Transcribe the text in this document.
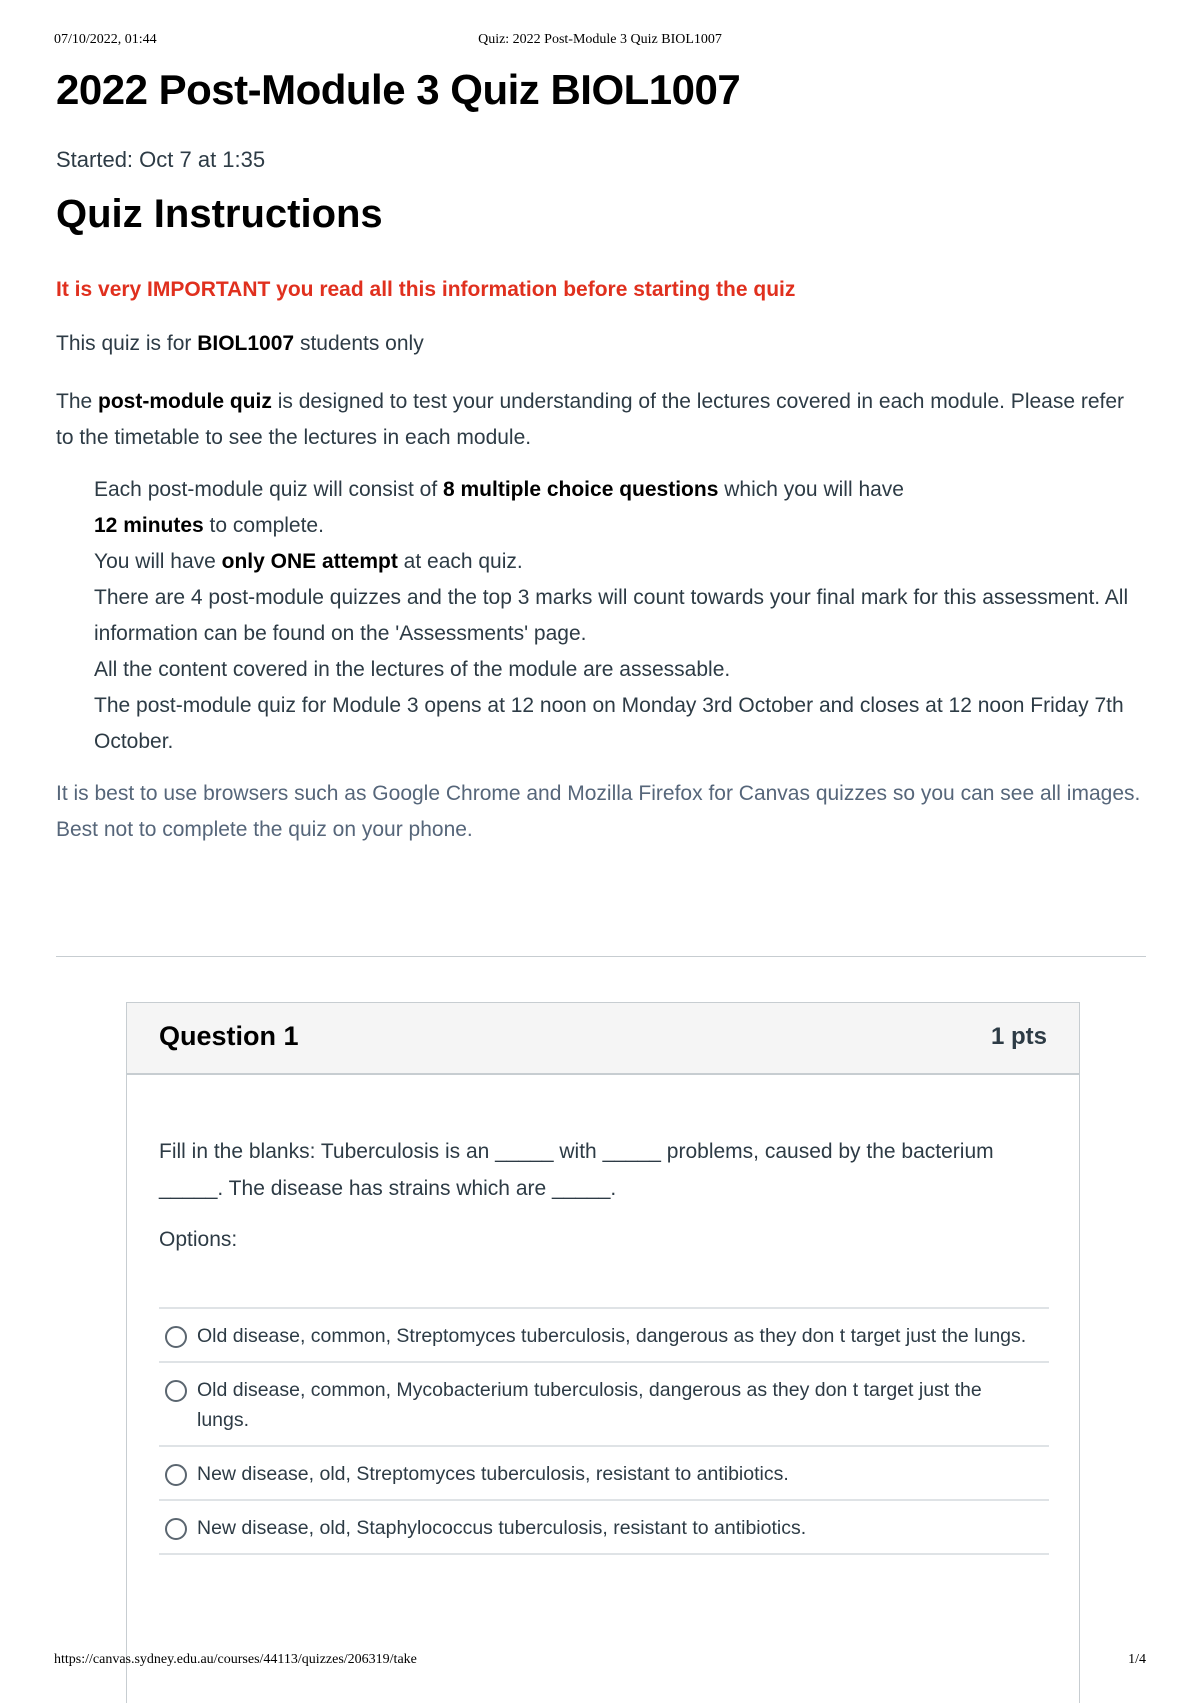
07/10/2022, 01:44	Quiz: 2022 Post-Module 3 Quiz BIOL1007
2022 Post-Module 3 Quiz BIOL1007
Started: Oct 7 at 1:35
Quiz Instructions
It is very IMPORTANT you read all this information before starting the quiz

This quiz is for BIOL1007 students only

The post-module quiz is designed to test your understanding of the lectures covered in each module. Please refer to the timetable to see the lectures in each module.

Each post-module quiz will consist of 8 multiple choice questions which you will have
12 minutes to complete.
You will have only ONE attempt at each quiz.
There are 4 post-module quizzes and the top 3 marks will count towards your final mark for this assessment. All information can be found on the 'Assessments' page.
All the content covered in the lectures of the module are assessable.
The post-module quiz for Module 3 opens at 12 noon on Monday 3rd October and closes at 12 noon Friday 7th October.

It is best to use browsers such as Google Chrome and Mozilla Firefox for Canvas quizzes so you can see all images. Best not to complete the quiz on your phone.

Question 1	1 pts

Fill in the blanks: Tuberculosis is an _____ with _____ problems, caused by the bacterium _____. The disease has strains which are _____.

Options:

Old disease, common, Streptomyces tuberculosis, dangerous as they don t target just the lungs.
Old disease, common, Mycobacterium tuberculosis, dangerous as they don t target just the lungs.
New disease, old, Streptomyces tuberculosis, resistant to antibiotics.
New disease, old, Staphylococcus tuberculosis, resistant to antibiotics.
https://canvas.sydney.edu.au/courses/44113/quizzes/206319/take	1/4
